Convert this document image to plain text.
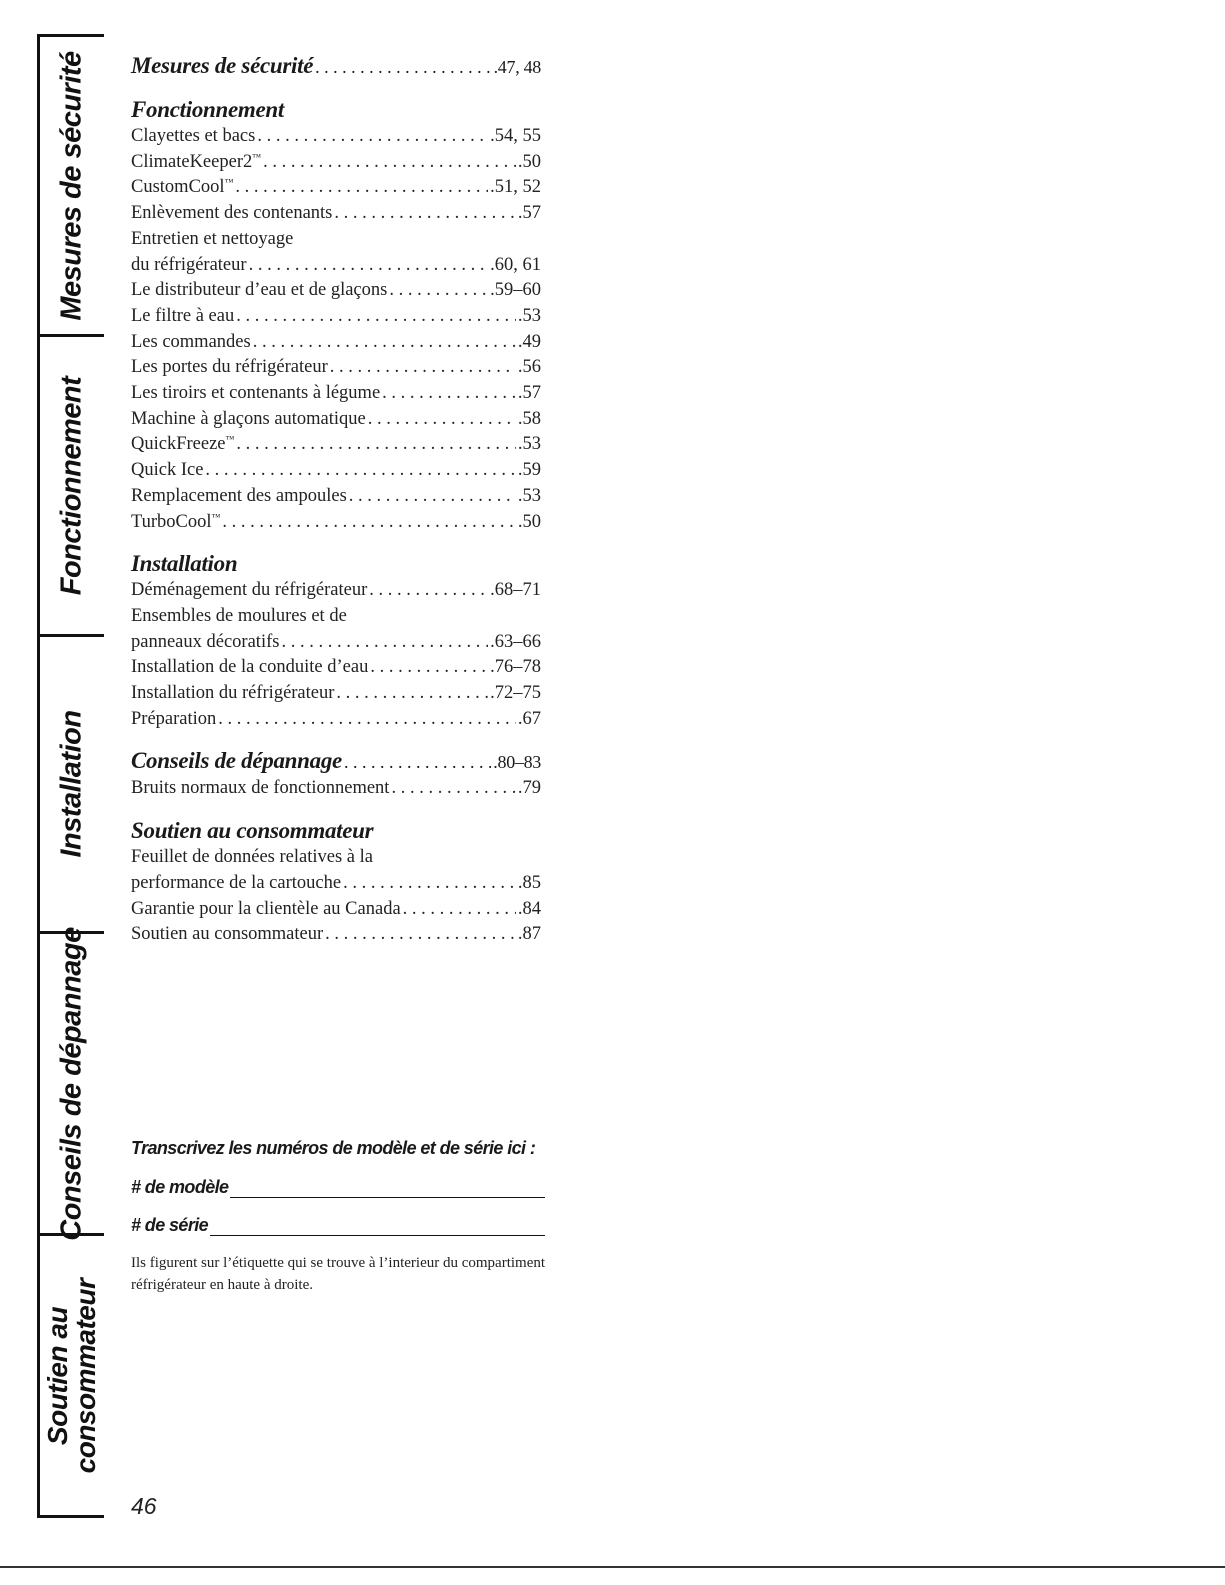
Mesures de sécurité
Fonctionnement
Installation
Conseils de dépannage
Soutien au
consommateur
Mesures de sécurité . . .	.47, 48
Fonctionnement
Clayettes et bacs . . .	.54, 55
ClimateKeeper2™ . . .	.50
CustomCool™ . . .	.51, 52
Enlèvement des contenants . . .	.57
Entretien et nettoyage
du réfrigérateur . . .	.60, 61
Le distributeur d’eau et de glaçons . . .	.59–60
Le filtre à eau . . .	.53
Les commandes . . .	.49
Les portes du réfrigérateur . . .	.56
Les tiroirs et contenants à légume . . .	.57
Machine à glaçons automatique . . .	.58
QuickFreeze™ . . .	.53
Quick Ice . . .	.59
Remplacement des ampoules . . .	.53
TurboCool™ . . .	.50
Installation
Déménagement du réfrigérateur . . .	.68–71
Ensembles de moulures et de
panneaux décoratifs . . .	.63–66
Installation de la conduite d’eau . . .	.76–78
Installation du réfrigérateur . . .	.72–75
Préparation . . .	.67
Conseils de dépannage . . .	.80–83
Bruits normaux de fonctionnement . . .	.79
Soutien au consommateur
Feuillet de données relatives à la
performance de la cartouche . . .	.85
Garantie pour la clientèle au Canada . . .	.84
Soutien au consommateur . . .	.87
Transcrivez les numéros de modèle et de série ici :
# de modèle
# de série
Ils figurent sur l’étiquette qui se trouve à l’interieur du compartiment réfrigérateur en haute à droite.
46
